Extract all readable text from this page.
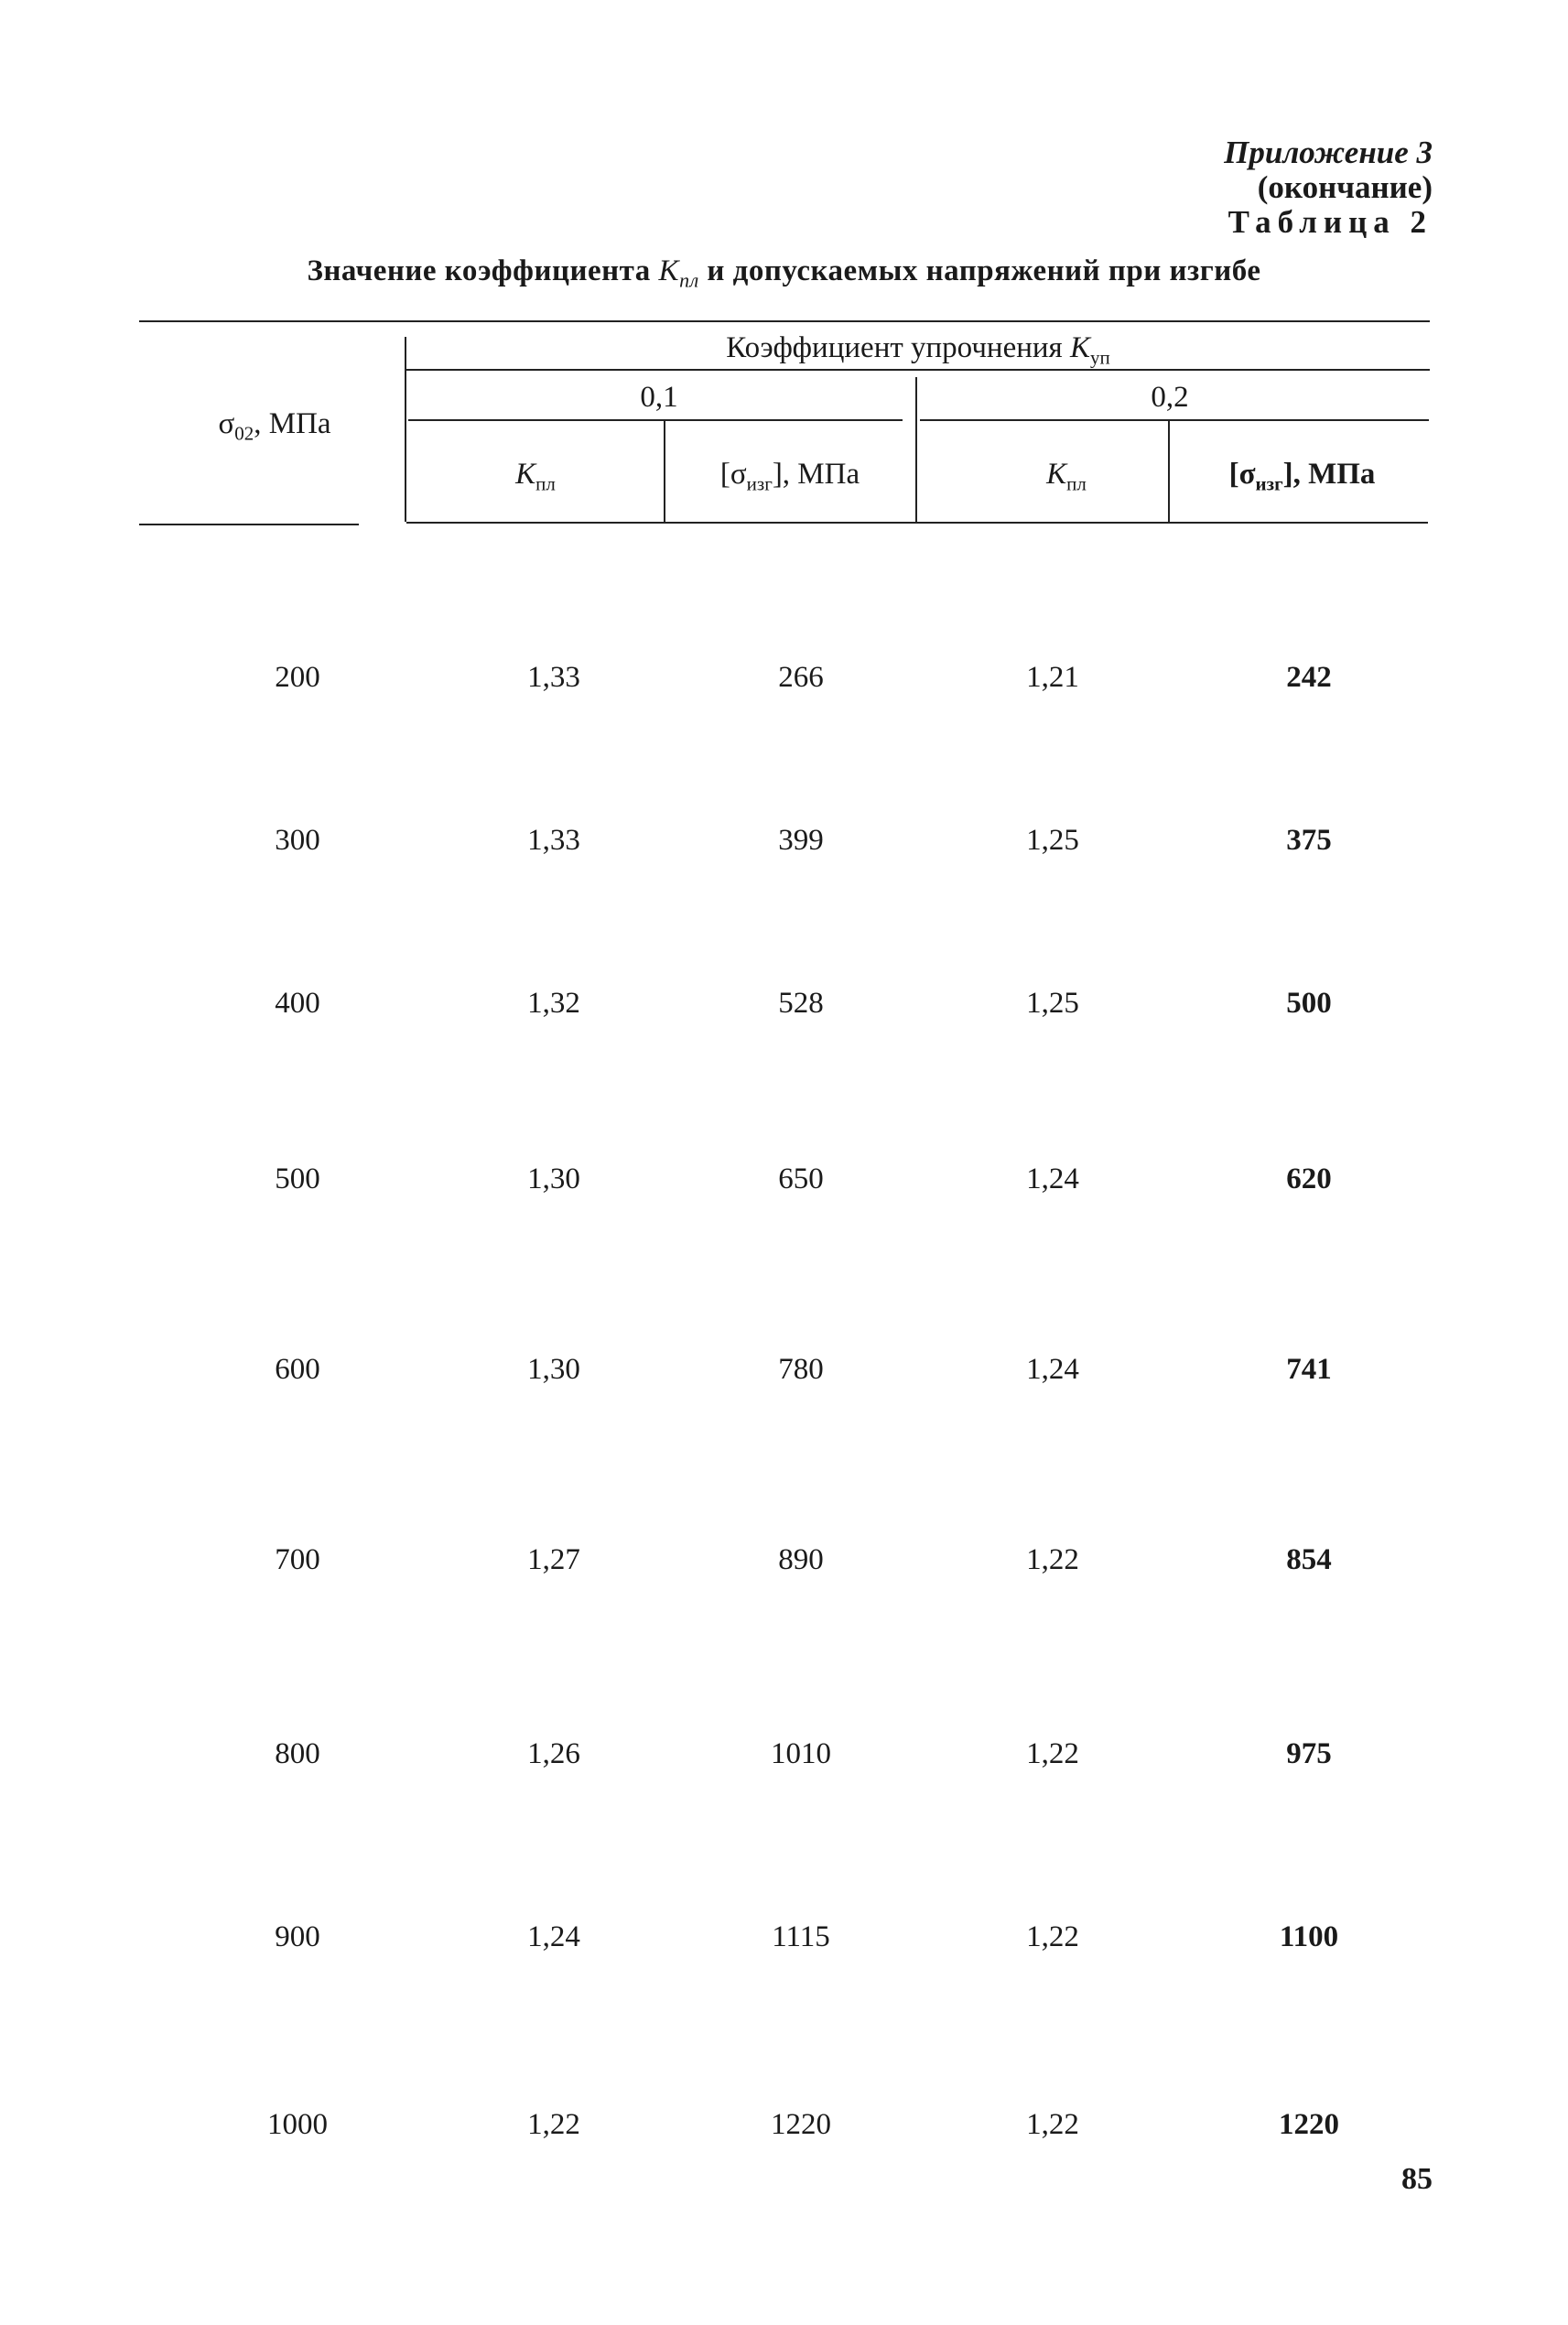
Приложение 3
(окончание)
Таблица 2
Значение коэффициента $K_{пл}$ и допускаемых напряжений при изгибе
$\sigma_{02}$, МПа
Коэффициент упрочнения $K_{уп}$
0,1	0,2
$K_{пл}$	$[\sigma_{изг}]$, МПа	$K_{пл}$	$[\sigma_{изг}]$, МПа
200	1,33	266	1,21	242
300	1,33	399	1,25	375
400	1,32	528	1,25	500
500	1,30	650	1,24	620
600	1,30	780	1,24	741
700	1,27	890	1,22	854
800	1,26	1010	1,22	975
900	1,24	1115	1,22	1100
1000	1,22	1220	1,22	1220
85
